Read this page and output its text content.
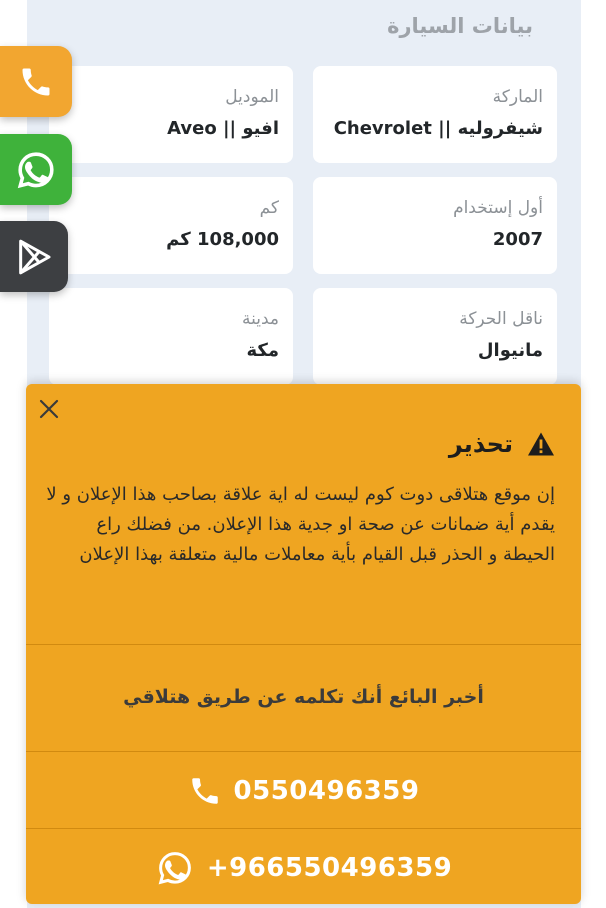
بيانات السيارة
الماركة
شيفروليه || Chevrolet
الموديل
افيو || Aveo
أول إستخدام
2007
كم
108,000 كم
ناقل الحركة
مانيوال
مدينة
مكة
تحذير
إن موقع هتلاقى دوت كوم ليست له اية علاقة بصاحب هذا الإعلان و لا يقدم أية ضمانات عن صحة او جدية هذا الإعلان. من فضلك راع الحيطة و الحذر قبل القيام بأية معاملات مالية متعلقة بهذا الإعلان
أخبر البائع أنك تكلمه عن طريق هتلاقي
0550496359
+966550496359
